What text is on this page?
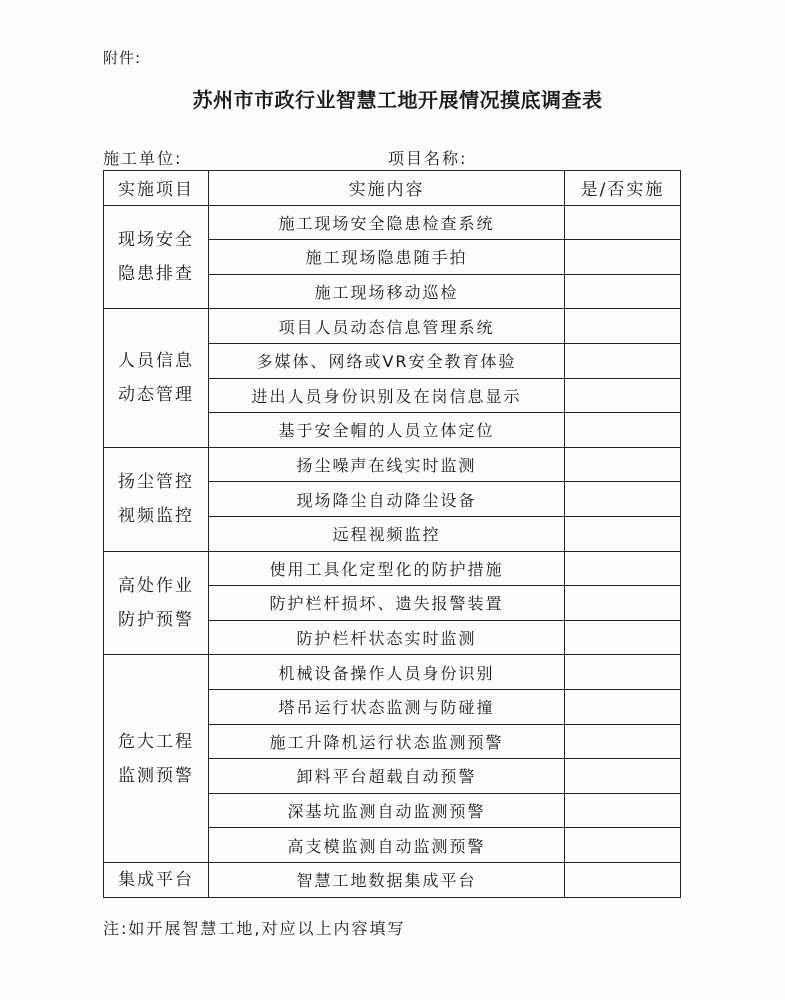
附件:
苏州市市政行业智慧工地开展情况摸底调查表
施工单位:	项目名称:
实施项目	实施内容	是/否实施

现场安全
隐患排查	施工现场安全隐患检查系统	
	施工现场隐患随手拍	
	施工现场移动巡检	

人员信息
动态管理	项目人员动态信息管理系统	
	多媒体、网络或VR安全教育体验	
	进出人员身份识别及在岗信息显示	
	基于安全帽的人员立体定位	

扬尘管控
视频监控	扬尘噪声在线实时监测	
	现场降尘自动降尘设备	
	远程视频监控	

高处作业
防护预警	使用工具化定型化的防护措施	
	防护栏杆损坏、遗失报警装置	
	防护栏杆状态实时监测	

危大工程
监测预警	机械设备操作人员身份识别	
	塔吊运行状态监测与防碰撞	
	施工升降机运行状态监测预警	
	卸料平台超载自动预警	
	深基坑监测自动监测预警	
	高支模监测自动监测预警	

集成平台	智慧工地数据集成平台	
注:如开展智慧工地,对应以上内容填写
